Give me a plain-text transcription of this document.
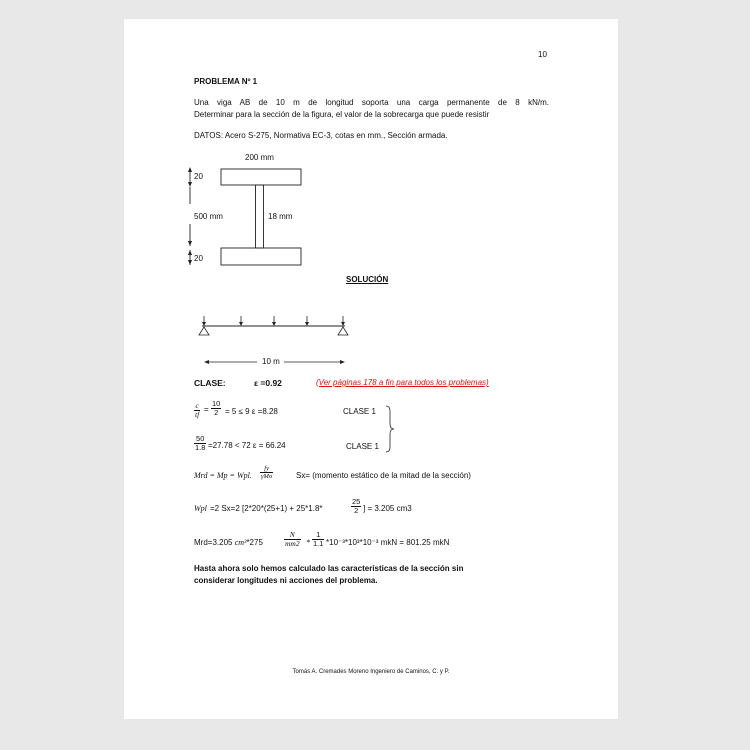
10
PROBLEMA Nº 1
Una viga AB de 10 m de longitud soporta una carga permanente de 8 kN/m.
Determinar para la sección de la figura, el valor de la sobrecarga que puede resistir
DATOS: Acero S-275, Normativa EC-3, cotas en mm., Sección armada.
200 mm
20
500 mm	18 mm
20
SOLUCIÓN
10 m
CLASE:	ε =0.92	(Ver páginas 178 a fin para todos los problemas)
$\frac{c}{tf} = \frac{10}{2} = 5 \le 9$ ε =8.28	CLASE 1
$\frac{50}{1.8} =27.78 < 72$ ε = 66.24	CLASE 1
Mrd = Mp = Wpl.
fy
γMo	Sx= (momento estático de la mitad de la sección)
Wpl =2 Sx=2 [2*20*(25+1) + 25*1.8*	$\frac{25}{2}$ ] = 3.205 cm3
Mrd=3.205 cm³*275	$\frac{N}{mm2} * \frac{1}{1.1} *10^{-3}*10^3*10^{-3}$ mkN = 801.25 mkN
Hasta ahora solo hemos calculado las características de la sección sin
considerar longitudes ni acciones del problema.
Tomás A. Cremades Moreno Ingeniero de Caminos, C. y P.
